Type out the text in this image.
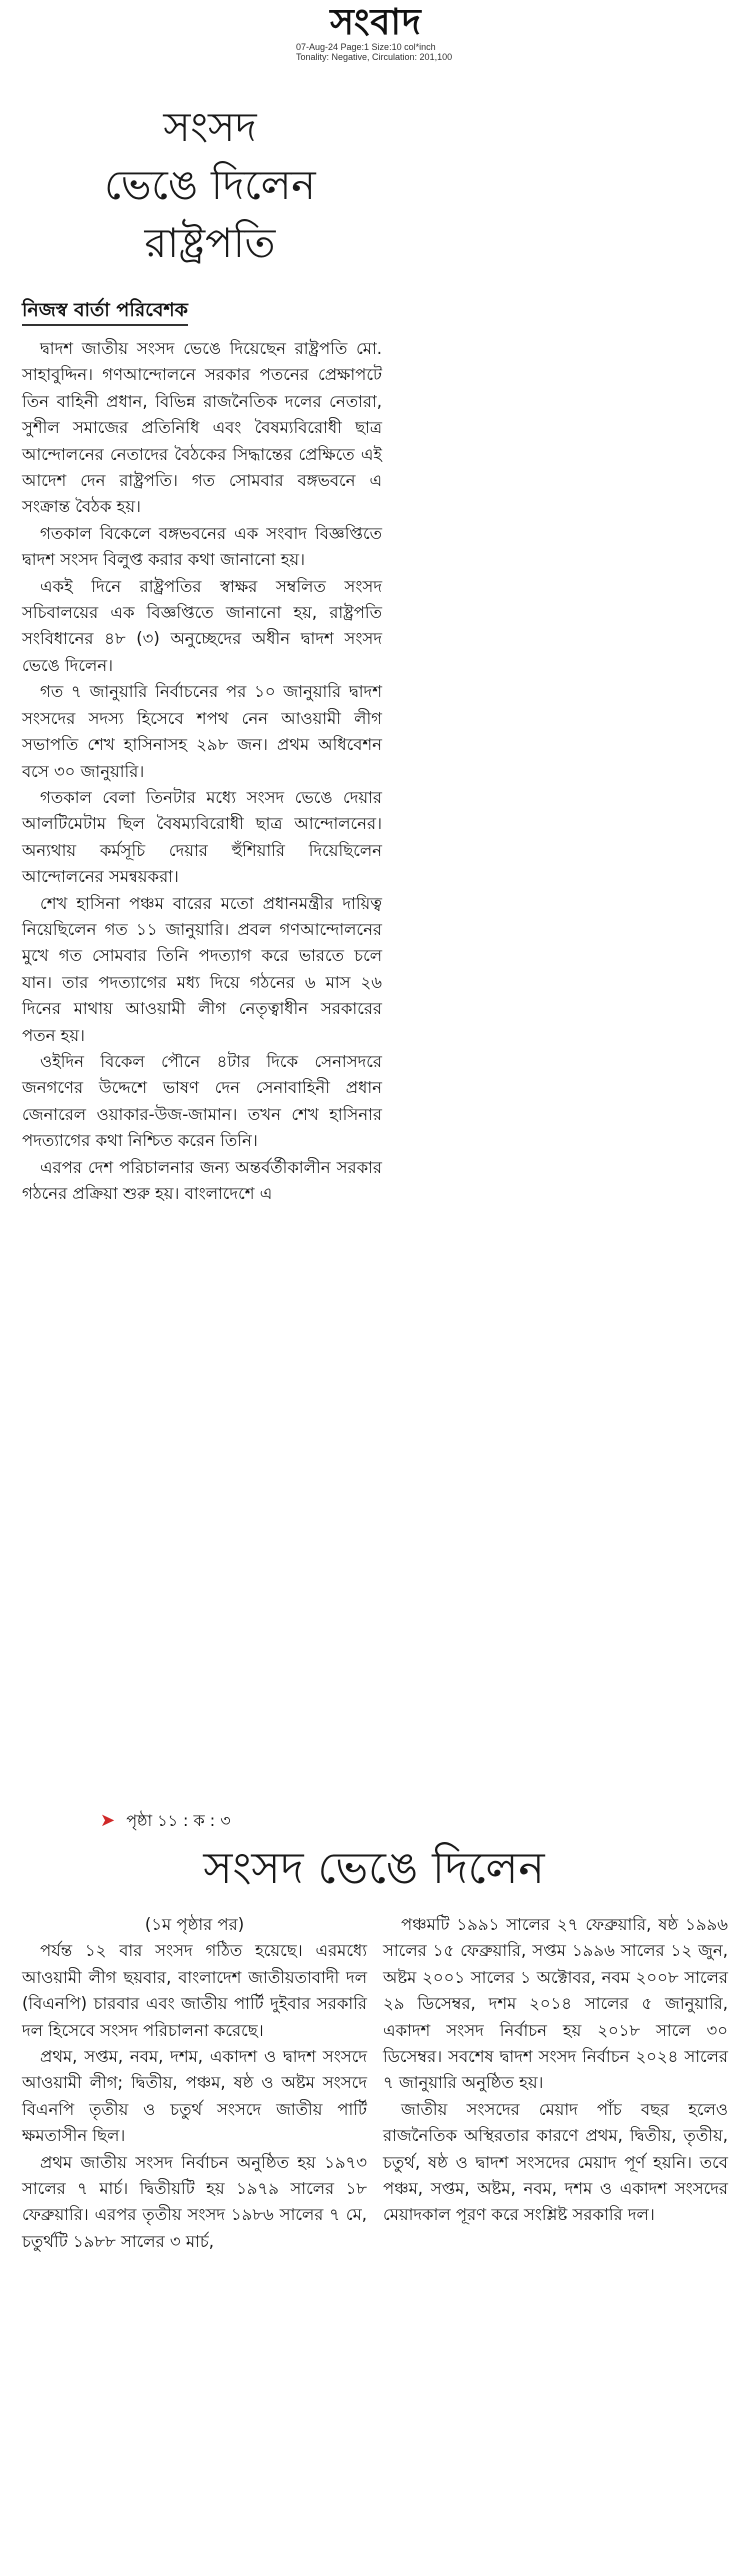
সংবাদ
07-Aug-24 Page:1 Size:10 col*inch
Tonality: Negative, Circulation: 201,100
সংসদ
ভেঙে দিলেন
রাষ্ট্রপতি
নিজস্ব বার্তা পরিবেশক

দ্বাদশ জাতীয় সংসদ ভেঙে দিয়েছেন রাষ্ট্রপতি মো. সাহাবুদ্দিন। গণআন্দোলনে সরকার পতনের প্রেক্ষাপটে তিন বাহিনী প্রধান, বিভিন্ন রাজনৈতিক দলের নেতারা, সুশীল সমাজের প্রতিনিধি এবং বৈষম্যবিরোধী ছাত্র আন্দোলনের নেতাদের বৈঠকের সিদ্ধান্তের প্রেক্ষিতে এই আদেশ দেন রাষ্ট্রপতি। গত সোমবার বঙ্গভবনে এ সংক্রান্ত বৈঠক হয়।

গতকাল বিকেলে বঙ্গভবনের এক সংবাদ বিজ্ঞপ্তিতে দ্বাদশ সংসদ বিলুপ্ত করার কথা জানানো হয়।

একই দিনে রাষ্ট্রপতির স্বাক্ষর সম্বলিত সংসদ সচিবালয়ের এক বিজ্ঞপ্তিতে জানানো হয়, রাষ্ট্রপতি সংবিধানের ৪৮ (৩) অনুচ্ছেদের অধীন দ্বাদশ সংসদ ভেঙে দিলেন।

গত ৭ জানুয়ারি নির্বাচনের পর ১০ জানুয়ারি দ্বাদশ সংসদের সদস্য হিসেবে শপথ নেন আওয়ামী লীগ সভাপতি শেখ হাসিনাসহ ২৯৮ জন। প্রথম অধিবেশন বসে ৩০ জানুয়ারি।

গতকাল বেলা তিনটার মধ্যে সংসদ ভেঙে দেয়ার আলটিমেটাম ছিল বৈষম্যবিরোধী ছাত্র আন্দোলনের। অন্যথায় কর্মসূচি দেয়ার হুঁশিয়ারি দিয়েছিলেন আন্দোলনের সমন্বয়করা।

শেখ হাসিনা পঞ্চম বারের মতো প্রধানমন্ত্রীর দায়িত্ব নিয়েছিলেন গত ১১ জানুয়ারি। প্রবল গণআন্দোলনের মুখে গত সোমবার তিনি পদত্যাগ করে ভারতে চলে যান। তার পদত্যাগের মধ্য দিয়ে গঠনের ৬ মাস ২৬ দিনের মাথায় আওয়ামী লীগ নেতৃত্বাধীন সরকারের পতন হয়।

ওইদিন বিকেল পৌনে ৪টার দিকে সেনাসদরে জনগণের উদ্দেশে ভাষণ দেন সেনাবাহিনী প্রধান জেনারেল ওয়াকার-উজ-জামান। তখন শেখ হাসিনার পদত্যাগের কথা নিশ্চিত করেন তিনি।

এরপর দেশ পরিচালনার জন্য অন্তর্বর্তীকালীন সরকার গঠনের প্রক্রিয়া শুরু হয়। বাংলাদেশে এ

➤ পৃষ্ঠা ১১ : ক : ৩
সংসদ ভেঙে দিলেন

(১ম পৃষ্ঠার পর)

পর্যন্ত ১২ বার সংসদ গঠিত হয়েছে। এরমধ্যে আওয়ামী লীগ ছয়বার, বাংলাদেশ জাতীয়তাবাদী দল (বিএনপি) চারবার এবং জাতীয় পার্টি দুইবার সরকারি দল হিসেবে সংসদ পরিচালনা করেছে।

প্রথম, সপ্তম, নবম, দশম, একাদশ ও দ্বাদশ সংসদে আওয়ামী লীগ; দ্বিতীয়, পঞ্চম, ষষ্ঠ ও অষ্টম সংসদে বিএনপি তৃতীয় ও চতুর্থ সংসদে জাতীয় পার্টি ক্ষমতাসীন ছিল।

প্রথম জাতীয় সংসদ নির্বাচন অনুষ্ঠিত হয় ১৯৭৩ সালের ৭ মার্চ। দ্বিতীয়টি হয় ১৯৭৯ সালের ১৮ ফেব্রুয়ারি। এরপর তৃতীয় সংসদ ১৯৮৬ সালের ৭ মে, চতুর্থটি ১৯৮৮ সালের ৩ মার্চ,

পঞ্চমটি ১৯৯১ সালের ২৭ ফেব্রুয়ারি, ষষ্ঠ ১৯৯৬ সালের ১৫ ফেব্রুয়ারি, সপ্তম ১৯৯৬ সালের ১২ জুন, অষ্টম ২০০১ সালের ১ অক্টোবর, নবম ২০০৮ সালের ২৯ ডিসেম্বর, দশম ২০১৪ সালের ৫ জানুয়ারি, একাদশ সংসদ নির্বাচন হয় ২০১৮ সালে ৩০ ডিসেম্বর। সবশেষ দ্বাদশ সংসদ নির্বাচন ২০২৪ সালের ৭ জানুয়ারি অনুষ্ঠিত হয়।

জাতীয় সংসদের মেয়াদ পাঁচ বছর হলেও রাজনৈতিক অস্থিরতার কারণে প্রথম, দ্বিতীয়, তৃতীয়, চতুর্থ, ষষ্ঠ ও দ্বাদশ সংসদের মেয়াদ পূর্ণ হয়নি। তবে পঞ্চম, সপ্তম, অষ্টম, নবম, দশম ও একাদশ সংসদের মেয়াদকাল পূরণ করে সংশ্লিষ্ট সরকারি দল।
